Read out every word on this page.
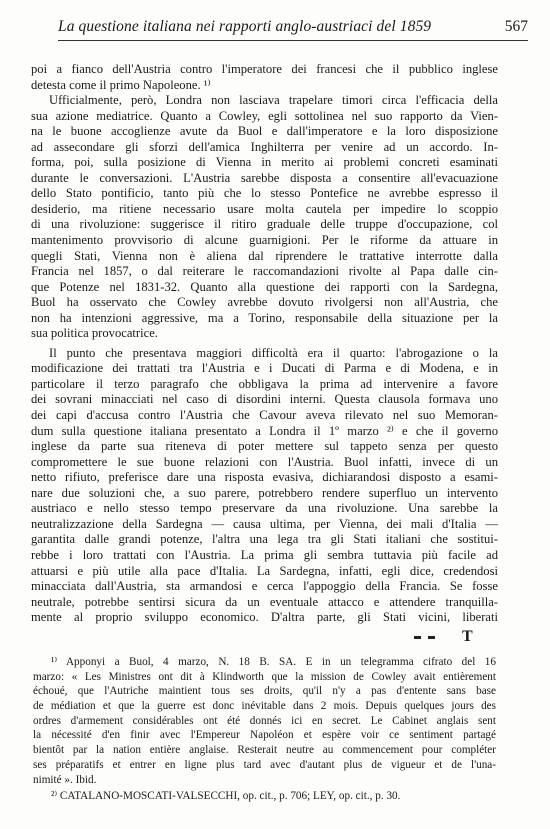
La questione italiana nei rapporti anglo-austriaci del 1859	567
poi a fianco dell'Austria contro l'imperatore dei francesi che il pubblico inglese
detesta come il primo Napoleone. ¹⁾
Ufficialmente, però, Londra non lasciava trapelare timori circa l'efficacia della
sua azione mediatrice. Quanto a Cowley, egli sottolinea nel suo rapporto da Vien-
na le buone accoglienze avute da Buol e dall'imperatore e la loro disposizione
ad assecondare gli sforzi dell'amica Inghilterra per venire ad un accordo. In-
forma, poi, sulla posizione di Vienna in merito ai problemi concreti esaminati
durante le conversazioni. L'Austria sarebbe disposta a consentire all'evacuazione
dello Stato pontificio, tanto più che lo stesso Pontefice ne avrebbe espresso il
desiderio, ma ritiene necessario usare molta cautela per impedire lo scoppio
di una rivoluzione: suggerisce il ritiro graduale delle truppe d'occupazione, col
mantenimento provvisorio di alcune guarnigioni. Per le riforme da attuare in
quegli Stati, Vienna non è aliena dal riprendere le trattative interrotte dalla
Francia nel 1857, o dal reiterare le raccomandazioni rivolte al Papa dalle cin-
que Potenze nel 1831-32. Quanto alla questione dei rapporti con la Sardegna,
Buol ha osservato che Cowley avrebbe dovuto rivolgersi non all'Austria, che
non ha intenzioni aggressive, ma a Torino, responsabile della situazione per la
sua politica provocatrice.
Il punto che presentava maggiori difficoltà era il quarto: l'abrogazione o la
modificazione dei trattati tra l'Austria e i Ducati di Parma e di Modena, e in
particolare il terzo paragrafo che obbligava la prima ad intervenire a favore
dei sovrani minacciati nel caso di disordini interni. Questa clausola formava uno
dei capi d'accusa contro l'Austria che Cavour aveva rilevato nel suo Memoran-
dum sulla questione italiana presentato a Londra il 1º marzo ²⁾ e che il governo
inglese da parte sua riteneva di poter mettere sul tappeto senza per questo
compromettere le sue buone relazioni con l'Austria. Buol infatti, invece di un
netto rifiuto, preferisce dare una risposta evasiva, dichiarandosi disposto a esami-
nare due soluzioni che, a suo parere, potrebbero rendere superfluo un intervento
austriaco e nello stesso tempo preservare da una rivoluzione. Una sarebbe la
neutralizzazione della Sardegna — causa ultima, per Vienna, dei mali d'Italia —
garantita dalle grandi potenze, l'altra una lega tra gli Stati italiani che sostitui-
rebbe i loro trattati con l'Austria. La prima gli sembra tuttavia più facile ad
attuarsi e più utile alla pace d'Italia. La Sardegna, infatti, egli dice, credendosi
minacciata dall'Austria, sta armandosi e cerca l'appoggio della Francia. Se fosse
neutrale, potrebbe sentirsi sicura da un eventuale attacco e attendere tranquilla-
mente al proprio sviluppo economico. D'altra parte, gli Stati vicini, liberati
T
¹⁾ Apponyi a Buol, 4 marzo, N. 18 B. SA. E in un telegramma cifrato del 16
marzo: « Les Ministres ont dit à Klindworth que la mission de Cowley avait entièrement
échoué, que l'Autriche maintient tous ses droits, qu'il n'y a pas d'entente sans base
de médiation et que la guerre est donc inévitable dans 2 mois. Depuis quelques jours des
ordres d'armement considérables ont été donnés ici en secret. Le Cabinet anglais sent
la nécessité d'en finir avec l'Empereur Napoléon et espère voir ce sentiment partagé
bientôt par la nation entière anglaise. Resterait neutre au commencement pour compléter
ses préparatifs et entrer en ligne plus tard avec d'autant plus de vigueur et de l'una-
nimité ». Ibid.
²⁾ CATALANO-MOSCATI-VALSECCHI, op. cit., p. 706; LEY, op. cit., p. 30.
